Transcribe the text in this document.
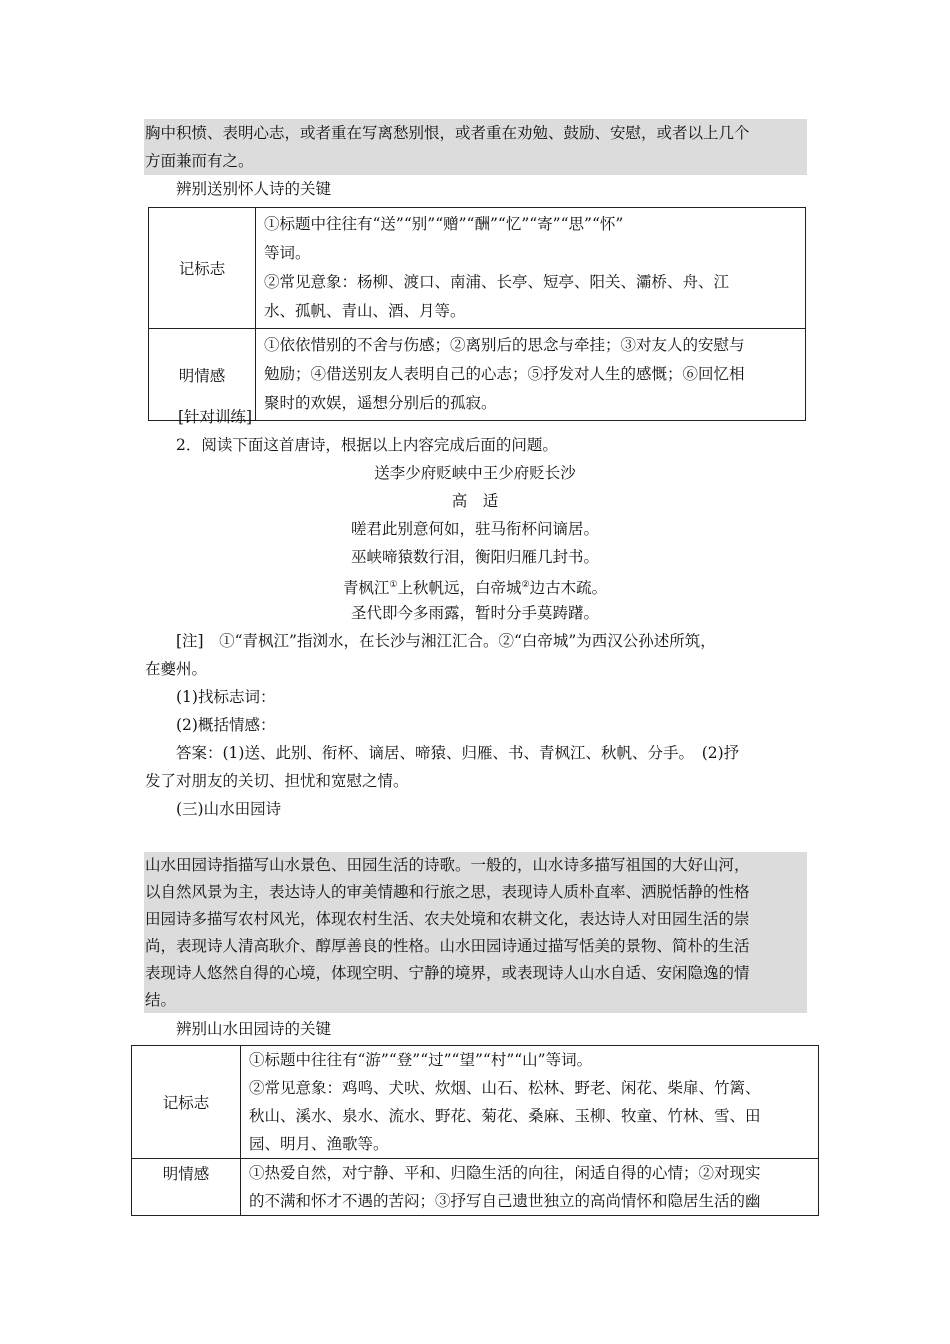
胸中积愤、表明心志，或者重在写离愁别恨，或者重在劝勉、鼓励、安慰，或者以上几个
方面兼而有之。
辨别送别怀人诗的关键
记标志	①标题中往往有“送”“别”“赠”“酬”“忆”“寄”“思”“怀”
等词。
②常见意象：杨柳、渡口、南浦、长亭、短亭、阳关、灞桥、舟、江
水、孤帆、青山、酒、月等。

明情感	①依依惜别的不舍与伤感；②离别后的思念与牵挂；③对友人的安慰与
勉励；④借送别友人表明自己的心志；⑤抒发对人生的感慨；⑥回忆相
聚时的欢娱，遥想分别后的孤寂。
[针对训练]
2．阅读下面这首唐诗，根据以上内容完成后面的问题。
送李少府贬峡中王少府贬长沙
高　适
嗟君此别意何如，驻马衔杯问谪居。
巫峡啼猿数行泪，衡阳归雁几封书。
青枫江①上秋帆远，白帝城②边古木疏。
圣代即今多雨露，暂时分手莫踌躇。
[注]　①“青枫江”指浏水，在长沙与湘江汇合。②“白帝城”为西汉公孙述所筑，
在夔州。
(1)找标志词：
(2)概括情感：
答案：(1)送、此别、衔杯、谪居、啼猿、归雁、书、青枫江、秋帆、分手。　(2)抒
发了对朋友的关切、担忧和宽慰之情。
(三)山水田园诗
山水田园诗指描写山水景色、田园生活的诗歌。一般的，山水诗多描写祖国的大好山河，
以自然风景为主，表达诗人的审美情趣和行旅之思，表现诗人质朴直率、洒脱恬静的性格
田园诗多描写农村风光，体现农村生活、农夫处境和农耕文化，表达诗人对田园生活的崇
尚，表现诗人清高耿介、醇厚善良的性格。山水田园诗通过描写恬美的景物、简朴的生活
表现诗人悠然自得的心境，体现空明、宁静的境界，或表现诗人山水自适、安闲隐逸的情
结。
辨别山水田园诗的关键
记标志	①标题中往往有“游”“登”“过”“望”“村”“山”等词。
②常见意象：鸡鸣、犬吠、炊烟、山石、松林、野老、闲花、柴扉、竹篱、
秋山、溪水、泉水、流水、野花、菊花、桑麻、玉柳、牧童、竹林、雪、田
园、明月、渔歌等。

明情感	①热爱自然，对宁静、平和、归隐生活的向往，闲适自得的心情；②对现实
的不满和怀才不遇的苦闷；③抒写自己遗世独立的高尚情怀和隐居生活的幽
